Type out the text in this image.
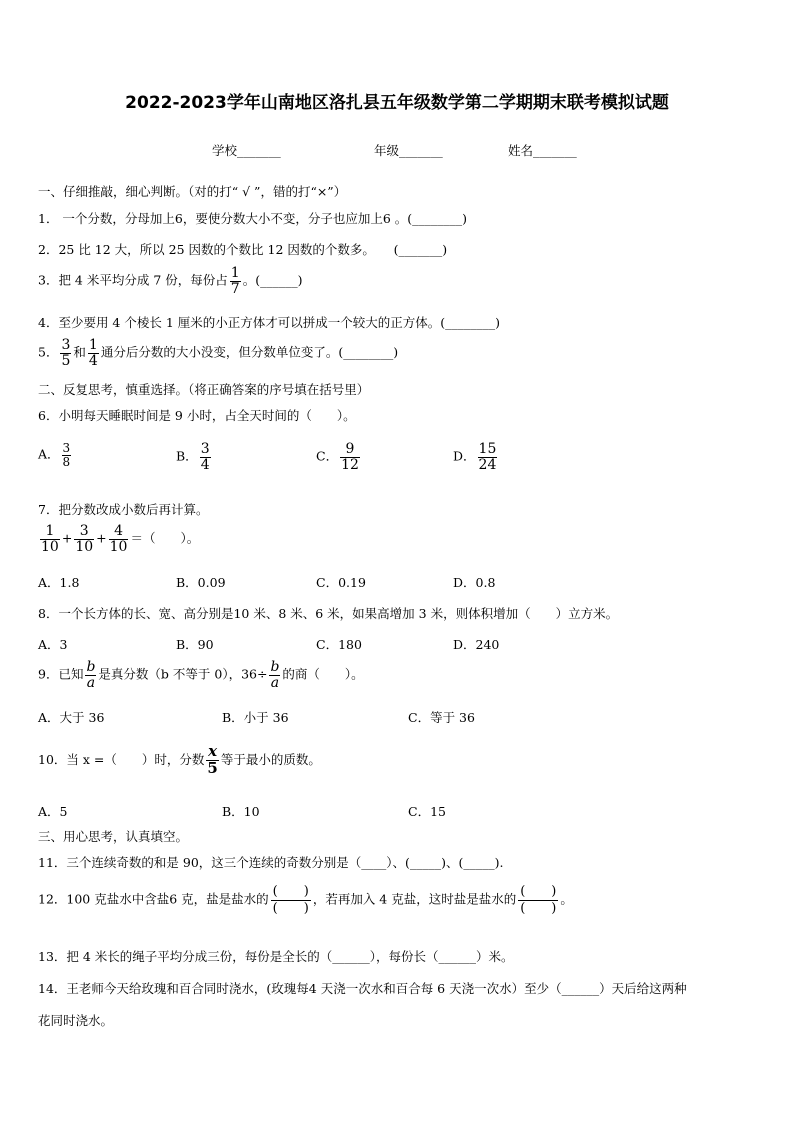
2022-2023学年山南地区洛扎县五年级数学第二学期期末联考模拟试题
学校_______	年级_______	姓名_______
一、仔细推敲，细心判断。（对的打“ √ ”，错的打“×”）
1． 一个分数，分母加上6，要使分数大小不变，分子也应加上6 。(________)
2．25 比 12 大，所以 25 因数的个数比 12 因数的个数多。　　(_______)
3．把 4 米平均分成 7 份，每份占 $\frac{1}{7}$ 。(______)
4．至少要用 4 个棱长 1 厘米的小正方体才可以拼成一个较大的正方体。(________)
5． $\frac{3}{5}$ 和 $\frac{1}{4}$ 通分后分数的大小没变，但分数单位变了。(________)
二、反复思考，慎重选择。（将正确答案的序号填在括号里）
6．小明每天睡眠时间是 9 小时，占全天时间的（　　）。
A． $\frac{3}{8}$	B． $\frac{3}{4}$	C． $\frac{9}{12}$	D． $\frac{15}{24}$
7．把分数改成小数后再计算。
$\frac{1}{10} + \frac{3}{10} + \frac{4}{10}$ ＝（　　）。
A．1.8	B．0.09	C．0.19	D．0.8
8．一个长方体的长、宽、高分别是10 米、8 米、6 米，如果高增加 3 米，则体积增加（　　）立方米。
A．3	B．90	C．180	D．240
9．已知 $\frac{b}{a}$ 是真分数（b 不等于 0），$36\div \frac{b}{a}$ 的商（　　）。
A．大于 36	B．小于 36	C．等于 36
10．当 x =（　　）时，分数 $\frac{x}{5}$ 等于最小的质数。
A．5	B．10	C．15
三、用心思考，认真填空。
11．三个连续奇数的和是 90，这三个连续的奇数分别是（____）、(_____)、(_____).
12．100 克盐水中含盐6 克，盐是盐水的 $\frac{( )}{( )}$ ，若再加入 4 克盐，这时盐是盐水的 $\frac{( )}{( )}$ 。
13．把 4 米长的绳子平均分成三份，每份是全长的（______），每份长（______）米。
14．王老师今天给玫瑰和百合同时浇水，(玫瑰每4 天浇一次水和百合每 6 天浇一次水）至少（______）天后给这两种
花同时浇水。
